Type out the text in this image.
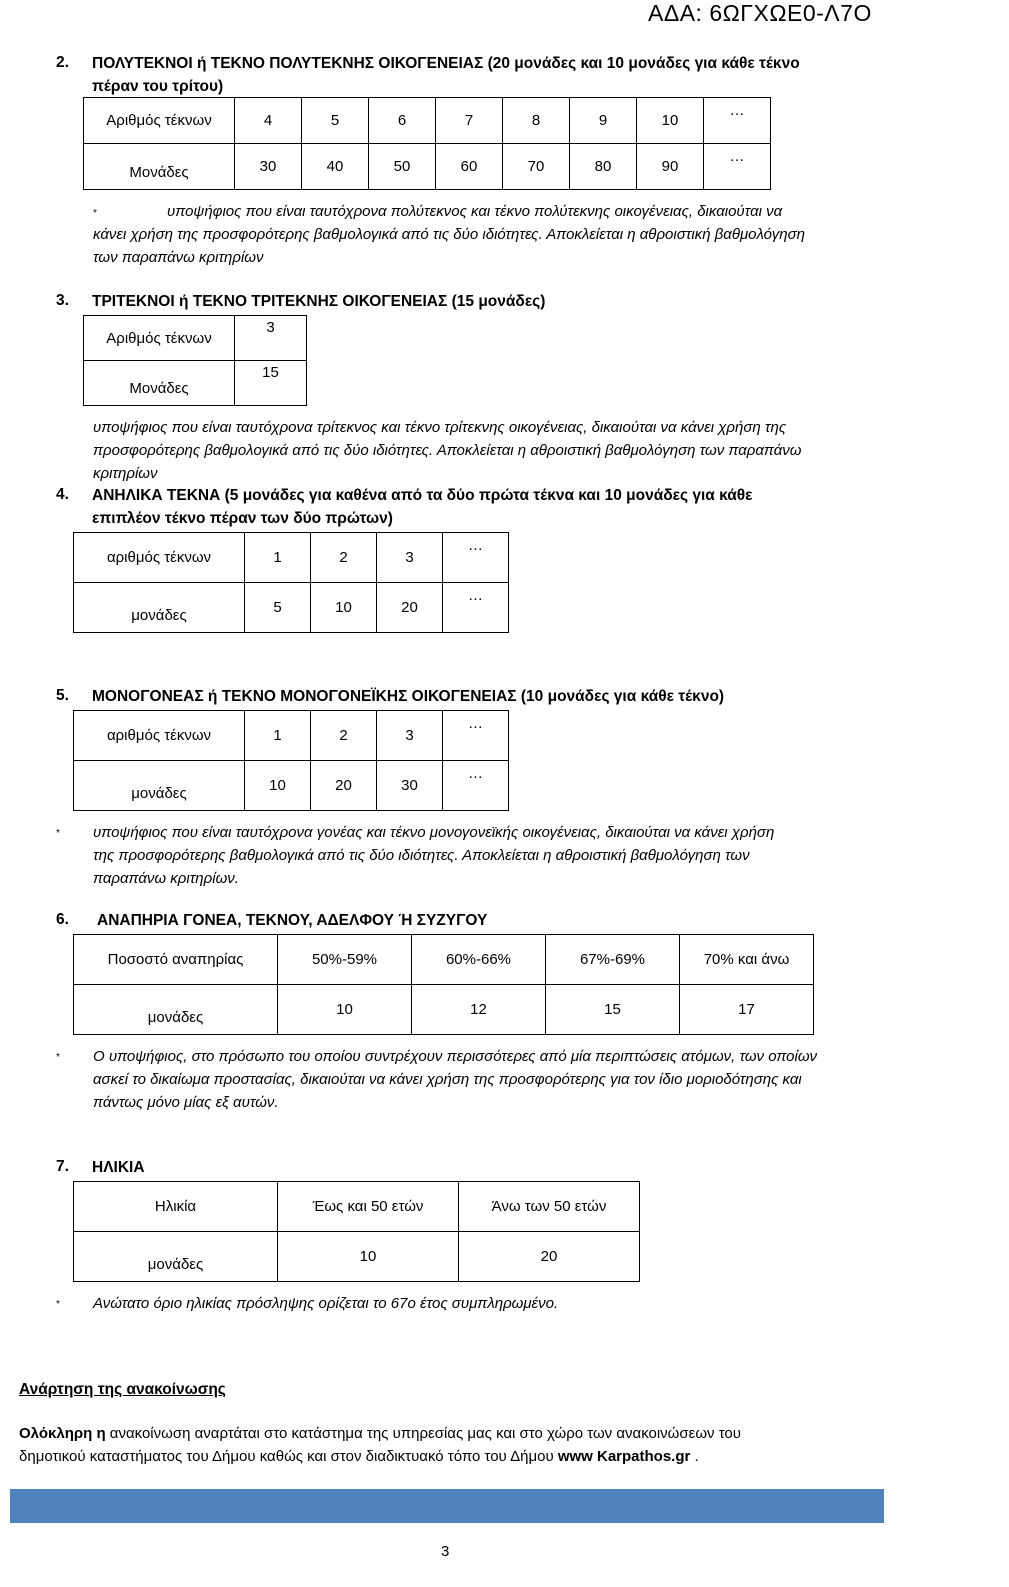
ΑΔΑ: 6ΩΓΧΩΕ0-Λ7Ο
2. ΠΟΛΥΤΕΚΝΟΙ ή ΤΕΚΝΟ ΠΟΛΥΤΕΚΝΗΣ ΟΙΚΟΓΕΝΕΙΑΣ (20 μονάδες και 10 μονάδες για κάθε τέκνο
πέραν του τρίτου)
Αριθμός τέκνων	4	5	6	7	8	9	10	…
Μονάδες	30	40	50	60	70	80	90	…
*	υποψήφιος που είναι ταυτόχρονα πολύτεκνος και τέκνο πολύτεκνης οικογένειας, δικαιούται να
κάνει χρήση της προσφορότερης βαθμολογικά από τις δύο ιδιότητες. Αποκλείεται η αθροιστική βαθμολόγηση
των παραπάνω κριτηρίων
3. ΤΡΙΤΕΚΝΟΙ ή ΤΕΚΝΟ ΤΡΙΤΕΚΝΗΣ ΟΙΚΟΓΕΝΕΙΑΣ (15 μονάδες)
Αριθμός τέκνων	3
Μονάδες	15
υποψήφιος που είναι ταυτόχρονα τρίτεκνος και τέκνο τρίτεκνης οικογένειας, δικαιούται να κάνει χρήση της
προσφορότερης βαθμολογικά από τις δύο ιδιότητες. Αποκλείεται η αθροιστική βαθμολόγηση των παραπάνω
κριτηρίων
4. ΑΝΗΛΙΚΑ ΤΕΚΝΑ (5 μονάδες για καθένα από τα δύο πρώτα τέκνα και 10 μονάδες για κάθε
επιπλέον τέκνο πέραν των δύο πρώτων)
αριθμός τέκνων	1	2	3	…
μονάδες	5	10	20	…
5. ΜΟΝΟΓΟΝΕΑΣ ή ΤΕΚΝΟ ΜΟΝΟΓΟΝΕΪΚΗΣ ΟΙΚΟΓΕΝΕΙΑΣ (10 μονάδες για κάθε τέκνο)
αριθμός τέκνων	1	2	3	…
μονάδες	10	20	30	…
* υποψήφιος που είναι ταυτόχρονα γονέας και τέκνο μονογονεϊκής οικογένειας, δικαιούται να κάνει χρήση
της προσφορότερης βαθμολογικά από τις δύο ιδιότητες. Αποκλείεται η αθροιστική βαθμολόγηση των
παραπάνω κριτηρίων.
6. ΑΝΑΠΗΡΙΑ ΓΟΝΕΑ, ΤΕΚΝΟΥ, ΑΔΕΛΦΟΥ Ή ΣΥΖΥΓΟΥ
Ποσοστό αναπηρίας	50%-59%	60%-66%	67%-69%	70% και άνω
μονάδες	10	12	15	17
* Ο υποψήφιος, στο πρόσωπο του οποίου συντρέχουν περισσότερες από μία περιπτώσεις ατόμων, των οποίων
ασκεί το δικαίωμα προστασίας, δικαιούται να κάνει χρήση της προσφορότερης για τον ίδιο μοριοδότησης και
πάντως μόνο μίας εξ αυτών.
7. ΗΛΙΚΙΑ
Ηλικία	Έως και 50 ετών	Άνω των 50 ετών
μονάδες	10	20
* Ανώτατο όριο ηλικίας πρόσληψης ορίζεται το 67ο έτος συμπληρωμένο.
Ανάρτηση της ανακοίνωσης
Ολόκληρη η ανακοίνωση αναρτάται στο κατάστημα της υπηρεσίας μας και στο χώρο των ανακοινώσεων του
δημοτικού καταστήματος του Δήμου καθώς και στον διαδικτυακό τόπο του Δήμου www Karpathos.gr .
3
